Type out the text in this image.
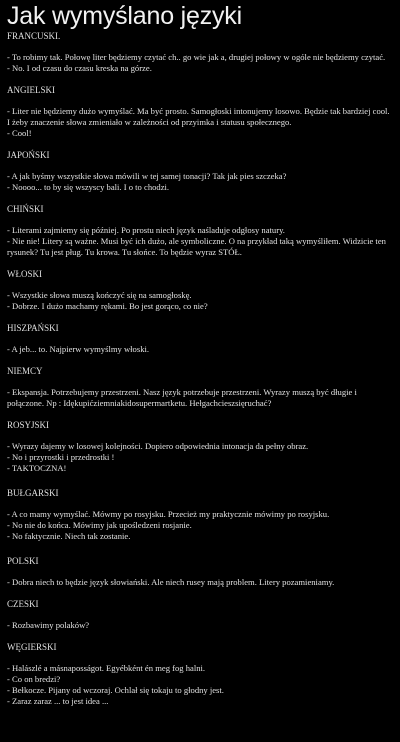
Jak wymyślano języki

FRANCUSKI.

- To robimy tak. Połowę liter będziemy czytać ch.. go wie jak a, drugiej połowy w ogóle nie będziemy czytać.

- No. I od czasu do czasu kreska na górze.

ANGIELSKI

- Liter nie będziemy dużo wymyślać. Ma być prosto. Samogłoski intonujemy losowo. Będzie tak bardziej cool. I żeby znaczenie słowa zmieniało w zależności od przyimka i statusu społecznego.

- Cool!

JAPOŃSKI

- A jak byśmy wszystkie słowa mówili w tej samej tonacji? Tak jak pies szczeka?

- Noooo... to by się wszyscy bali. I o to chodzi.

CHIŃSKI

- Literami zajmiemy się później. Po prostu niech język naśladuje odgłosy natury.

- Nie nie! Litery są ważne. Musi być ich dużo, ale symboliczne. O na przykład taką wymyśliłem. Widzicie ten rysunek? Tu jest pług. Tu krowa. Tu słońce. To będzie wyraz STÓŁ.

WŁOSKI

- Wszystkie słowa muszą kończyć się na samogłoskę.

- Dobrze. I dużo machamy rękami. Bo jest gorąco, co nie?

HISZPAŃSKI

- A jeb... to. Najpierw wymyślmy włoski.

NIEMCY

- Ekspansja. Potrzebujemy przestrzeni. Nasz język potrzebuje przestrzeni. Wyrazy muszą być długie i połączone. Np : Idękupićziemniakidosupermartketu. Hełgachcieszsięruchać?

ROSYJSKI

- Wyrazy dajemy w losowej kolejności. Dopiero odpowiednia intonacja da pełny obraz.

- No i przyrostki i przedrostki !

- TAKTOCZNA!

BUŁGARSKI

- A co mamy wymyślać. Mówmy po rosyjsku. Przecież my praktycznie mówimy po rosyjsku.

- No nie do końca. Mówimy jak upośledzeni rosjanie.

- No faktycznie. Niech tak zostanie.

POLSKI

- Dobra niech to będzie język słowiański. Ale niech rusey mają problem. Litery pozamieniamy.

CZESKI

- Rozbawimy polaków?

WĘGIERSKI

- Halászlé a másnaposságot. Egyébként én meg fog halni.

- Co on bredzi?

- Bełkocze. Pijany od wczoraj. Ochlał się tokaju to głodny jest.

- Zaraz zaraz ... to jest idea ...
